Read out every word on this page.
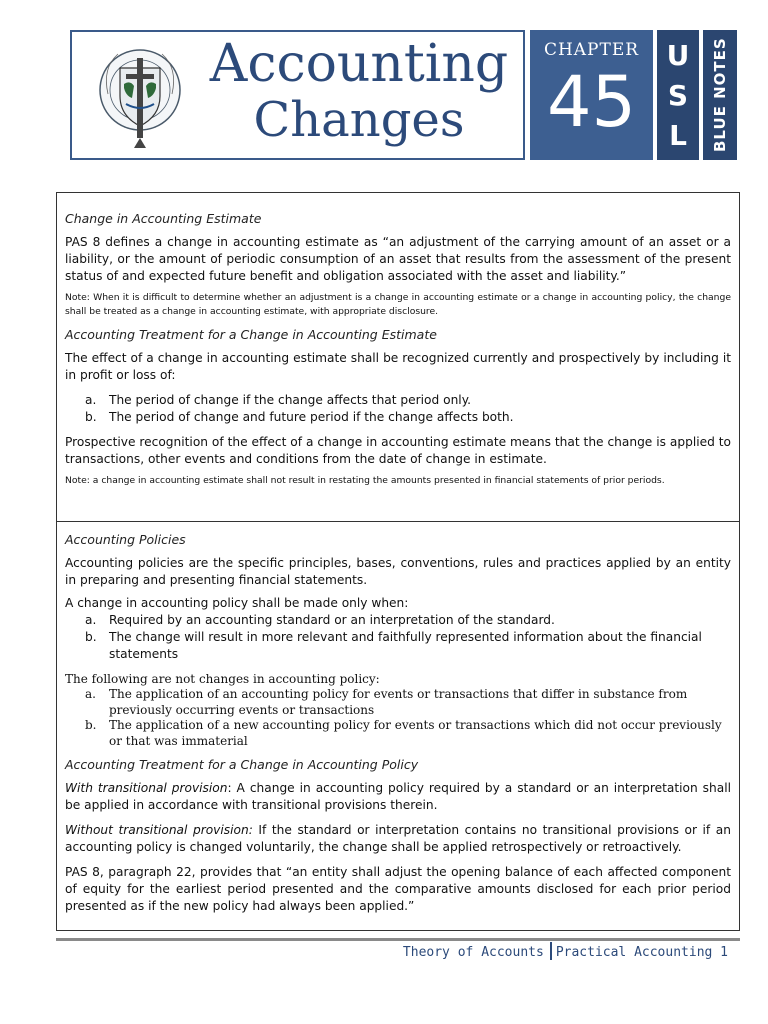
Accounting
Changes
CHAPTER
45
U
S
L	BLUE NOTES

Change in Accounting Estimate

PAS 8 defines a change in accounting estimate as “an adjustment of the carrying amount of an asset or a liability, or the amount of periodic consumption of an asset that results from the assessment of the present status of and expected future benefit and obligation associated with the asset and liability.”

Note: When it is difficult to determine whether an adjustment is a change in accounting estimate or a change in accounting policy, the change shall be treated as a change in accounting estimate, with appropriate disclosure.

Accounting Treatment for a Change in Accounting Estimate

The effect of a change in accounting estimate shall be recognized currently and prospectively by including it in profit or loss of:

a. The period of change if the change affects that period only.
b. The period of change and future period if the change affects both.

Prospective recognition of the effect of a change in accounting estimate means that the change is applied to transactions, other events and conditions from the date of change in estimate.

Note: a change in accounting estimate shall not result in restating the amounts presented in financial statements of prior periods.

Accounting Policies

Accounting policies are the specific principles, bases, conventions, rules and practices applied by an entity in preparing and presenting financial statements.

A change in accounting policy shall be made only when:

a. Required by an accounting standard or an interpretation of the standard.
b. The change will result in more relevant and faithfully represented information about the financial statements

The following are not changes in accounting policy:

a. The application of an accounting policy for events or transactions that differ in substance from previously occurring events or transactions
b. The application of a new accounting policy for events or transactions which did not occur previously or that was immaterial

Accounting Treatment for a Change in Accounting Policy

With transitional provision: A change in accounting policy required by a standard or an interpretation shall be applied in accordance with transitional provisions therein.

Without transitional provision: If the standard or interpretation contains no transitional provisions or if an accounting policy is changed voluntarily, the change shall be applied retrospectively or retroactively.

PAS 8, paragraph 22, provides that “an entity shall adjust the opening balance of each affected component of equity for the earliest period presented and the comparative amounts disclosed for each prior period presented as if the new policy had always been applied.”

Theory of Accounts Practical Accounting 1
